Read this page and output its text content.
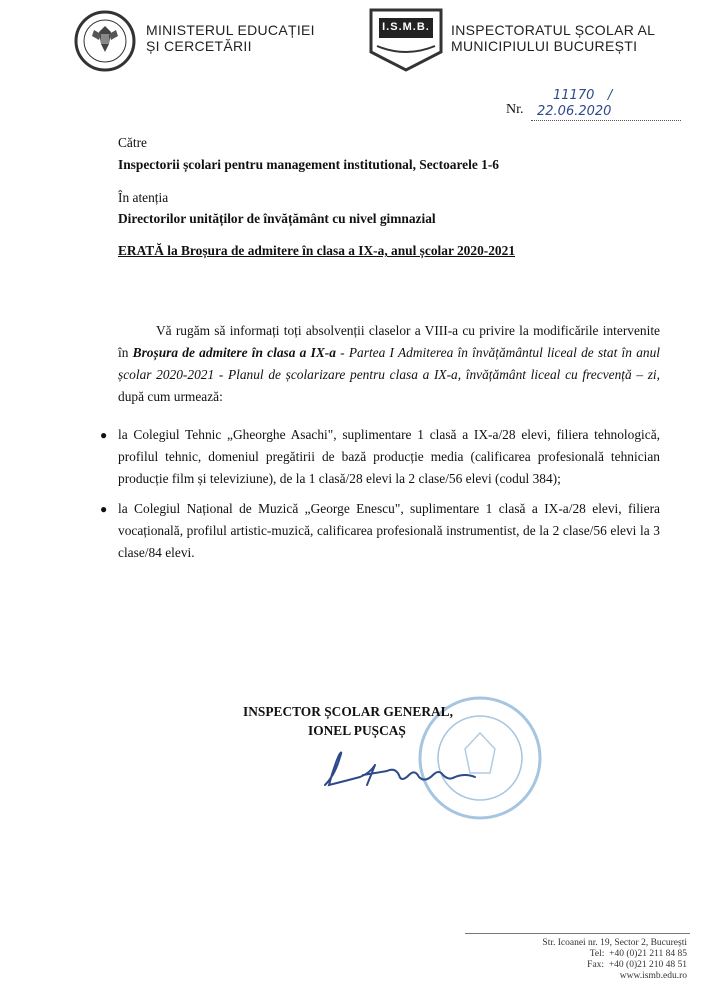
MINISTERUL EDUCAȚIEI
ȘI CERCETĂRII
I.S.M.B.	INSPECTORATUL ȘCOLAR AL
MUNICIPIULUI BUCUREȘTI
Nr. 11170 / 22.06.2020
Către
Inspectorii școlari pentru management institutional, Sectoarele 1-6
În atenția
Directorilor unităților de învățământ cu nivel gimnazial
ERATĂ la Broșura de admitere în clasa a IX-a, anul școlar 2020-2021
Vă rugăm să informați toți absolvenții claselor a VIII-a cu privire la modificările intervenite în Broșura de admitere în clasa a IX-a - Partea I Admiterea în învățământul liceal de stat în anul școlar 2020-2021 - Planul de școlarizare pentru clasa a IX-a, învățământ liceal cu frecvență – zi, după cum urmează:
● la Colegiul Tehnic „Gheorghe Asachi", suplimentare 1 clasă a IX-a/28 elevi, filiera tehnologică, profilul tehnic, domeniul pregătirii de bază producție media (calificarea profesională tehnician producție film și televiziune), de la 1 clasă/28 elevi la 2 clase/56 elevi (codul 384);
● la Colegiul Național de Muzică „George Enescu", suplimentare 1 clasă a IX-a/28 elevi, filiera vocațională, profilul artistic-muzică, calificarea profesională instrumentist, de la 2 clase/56 elevi la 3 clase/84 elevi.
INSPECTOR ȘCOLAR GENERAL,
IONEL PUȘCAȘ
Str. Icoanei nr. 19, Sector 2, București
Tel: +40 (0)21 211 84 85
Fax: +40 (0)21 210 48 51
www.ismb.edu.ro
